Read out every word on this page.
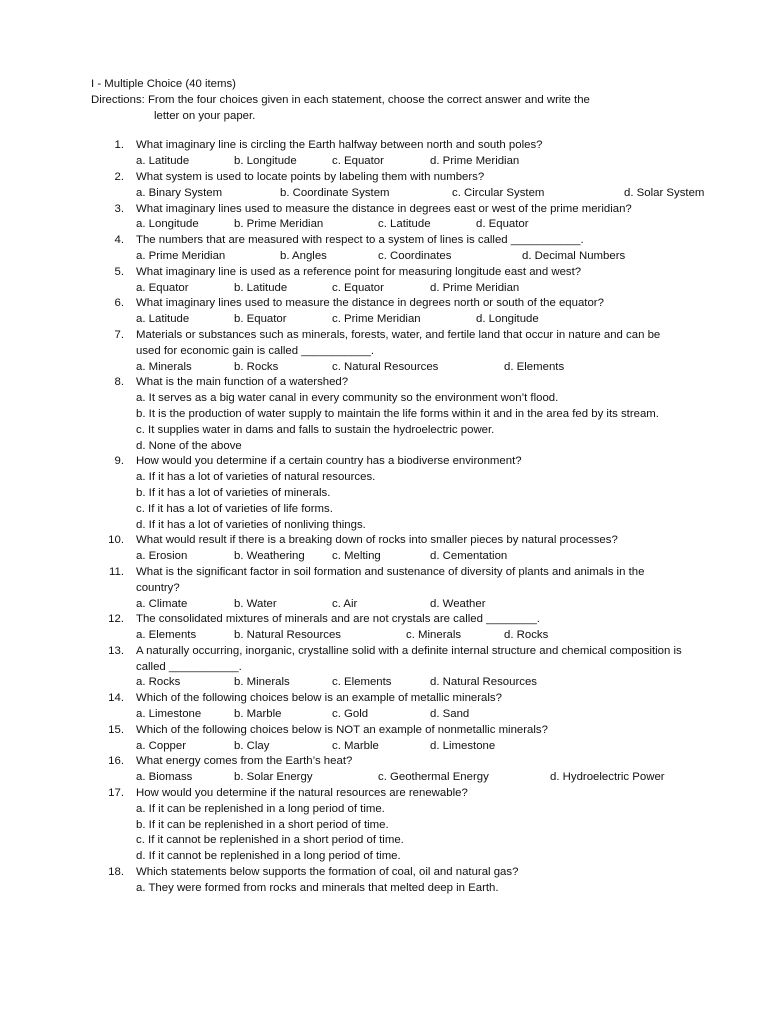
I - Multiple Choice (40 items)
Directions: From the four choices given in each statement, choose the correct answer and write the
letter on your paper.
1. What imaginary line is circling the Earth halfway between north and south poles?
a. Latitude	b. Longitude	c. Equator	d. Prime Meridian
2. What system is used to locate points by labeling them with numbers?
a. Binary System	b. Coordinate System	c. Circular System	d. Solar System
3. What imaginary lines used to measure the distance in degrees east or west of the prime meridian?
a. Longitude	b. Prime Meridian	c. Latitude	d. Equator
4. The numbers that are measured with respect to a system of lines is called ___________.
a. Prime Meridian	b. Angles	c. Coordinates	d. Decimal Numbers
5. What imaginary line is used as a reference point for measuring longitude east and west?
a. Equator	b. Latitude	c. Equator	d. Prime Meridian
6. What imaginary lines used to measure the distance in degrees north or south of the equator?
a. Latitude	b. Equator	c. Prime Meridian	d. Longitude
7. Materials or substances such as minerals, forests, water, and fertile land that occur in nature and can be used for economic gain is called ___________.
a. Minerals	b. Rocks	c. Natural Resources	d. Elements
8. What is the main function of a watershed?
a. It serves as a big water canal in every community so the environment won’t flood.
b. It is the production of water supply to maintain the life forms within it and in the area fed by its stream.
c. It supplies water in dams and falls to sustain the hydroelectric power.
d. None of the above
9. How would you determine if a certain country has a biodiverse environment?
a. If it has a lot of varieties of natural resources.
b. If it has a lot of varieties of minerals.
c. If it has a lot of varieties of life forms.
d. If it has a lot of varieties of nonliving things.
10. What would result if there is a breaking down of rocks into smaller pieces by natural processes?
a. Erosion	b. Weathering	c. Melting	d. Cementation
11. What is the significant factor in soil formation and sustenance of diversity of plants and animals in the country?
a. Climate	b. Water	c. Air	d. Weather
12. The consolidated mixtures of minerals and are not crystals are called ________.
a. Elements	b. Natural Resources	c. Minerals	d. Rocks
13. A naturally occurring, inorganic, crystalline solid with a definite internal structure and chemical composition is called ___________.
a. Rocks	b. Minerals	c. Elements	d. Natural Resources
14. Which of the following choices below is an example of metallic minerals?
a. Limestone	b. Marble	c. Gold	d. Sand
15. Which of the following choices below is NOT an example of nonmetallic minerals?
a. Copper	b. Clay	c. Marble	d. Limestone
16. What energy comes from the Earth’s heat?
a. Biomass	b. Solar Energy	c. Geothermal Energy	d. Hydroelectric Power
17. How would you determine if the natural resources are renewable?
a. If it can be replenished in a long period of time.
b. If it can be replenished in a short period of time.
c. If it cannot be replenished in a short period of time.
d. If it cannot be replenished in a long period of time.
18. Which statements below supports the formation of coal, oil and natural gas?
a. They were formed from rocks and minerals that melted deep in Earth.
